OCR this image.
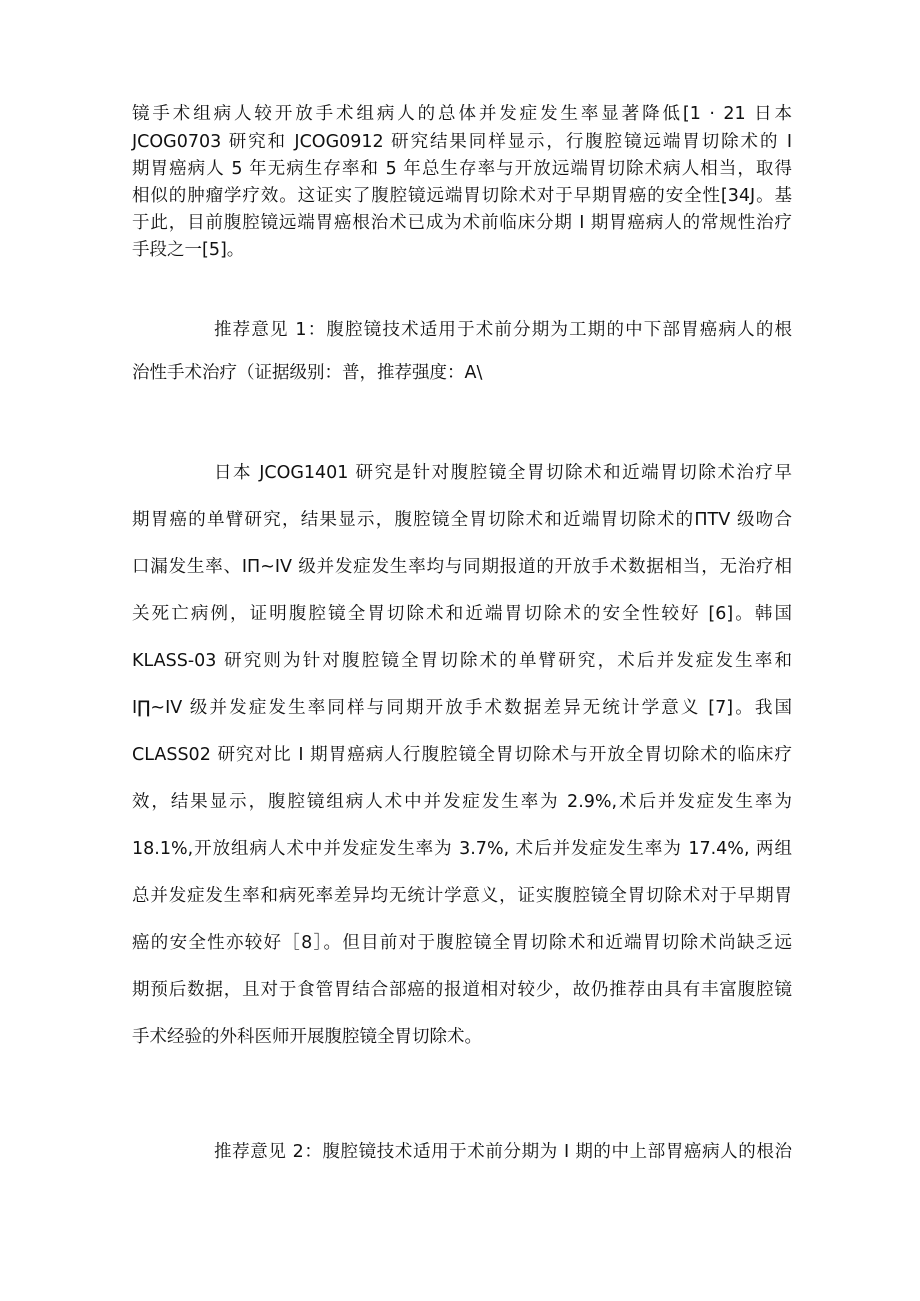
镜手术组病人较开放手术组病人的总体并发症发生率显著降低[1 · 21 日本
JCOG0703 研究和 JCOG0912 研究结果同样显示，行腹腔镜远端胃切除术的 I
期胃癌病人 5 年无病生存率和 5 年总生存率与开放远端胃切除术病人相当，取得
相似的肿瘤学疗效。这证实了腹腔镜远端胃切除术对于早期胃癌的安全性[34J。基
于此，目前腹腔镜远端胃癌根治术已成为术前临床分期 I 期胃癌病人的常规性治疗
手段之一[5]。
推荐意见 1：腹腔镜技术适用于术前分期为工期的中下部胃癌病人的根
治性手术治疗（证据级别：普，推荐强度：A\
日本 JCOG1401 研究是针对腹腔镜全胃切除术和近端胃切除术治疗早
期胃癌的单臂研究，结果显示，腹腔镜全胃切除术和近端胃切除术的ΠTV 级吻合
口漏发生率、IΠ~IV 级并发症发生率均与同期报道的开放手术数据相当，无治疗相
关死亡病例，证明腹腔镜全胃切除术和近端胃切除术的安全性较好 [6]。韩国
KLASS-03 研究则为针对腹腔镜全胃切除术的单臂研究，术后并发症发生率和
I∏~IV 级并发症发生率同样与同期开放手术数据差异无统计学意义 [7]。我国
CLASS02 研究对比 I 期胃癌病人行腹腔镜全胃切除术与开放全胃切除术的临床疗
效，结果显示，腹腔镜组病人术中并发症发生率为 2.9%,术后并发症发生率为
18.1%,开放组病人术中并发症发生率为 3.7%, 术后并发症发生率为 17.4%, 两组
总并发症发生率和病死率差异均无统计学意义，证实腹腔镜全胃切除术对于早期胃
癌的安全性亦较好［8］。但目前对于腹腔镜全胃切除术和近端胃切除术尚缺乏远
期预后数据，且对于食管胃结合部癌的报道相对较少，故仍推荐由具有丰富腹腔镜
手术经验的外科医师开展腹腔镜全胃切除术。
推荐意见 2：腹腔镜技术适用于术前分期为 I 期的中上部胃癌病人的根治
